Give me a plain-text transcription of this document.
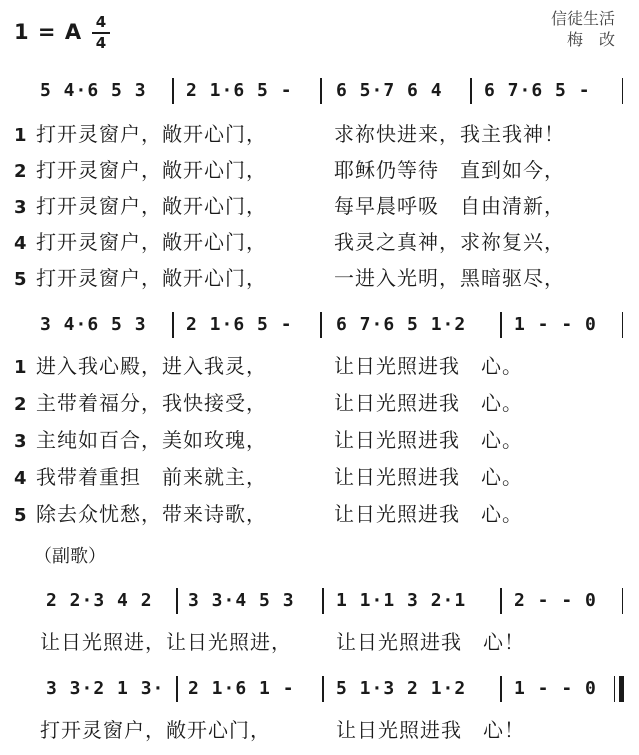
1 = A 4
4
信徒生活
梅　改
5 4·6 5 3 2 1·6 5 - 6 5·7 6 4 6 7·6 5 -
1 打开灵窗户，敞开心门，	求祢快进来，我主我神！
2 打开灵窗户，敞开心门，	耶稣仍等待　直到如今，
3 打开灵窗户，敞开心门，	每早晨呼吸　自由清新，
4 打开灵窗户，敞开心门，	我灵之真神，求祢复兴，
5 打开灵窗户，敞开心门，	一进入光明，黑暗驱尽，
3 4·6 5 3 2 1·6 5 - 6 7·6 5 1·2	1 - - 0
1 进入我心殿，进入我灵，	让日光照进我　心。
2 主带着福分，我快接受，	让日光照进我　心。
3 主纯如百合，美如玫瑰，	让日光照进我　心。
4 我带着重担　前来就主，	让日光照进我　心。
5 除去众忧愁，带来诗歌，	让日光照进我　心。
（副歌）
2 2·3 4 2 3 3·4 5 3 1 1·1 3 2·1	2 - - 0
让日光照进，让日光照进， 让日光照进我　心！
3 3·2 1 3· 2 1·6 1 - 5 1·3 2 1·2	1 - - 0
打开灵窗户，敞开心门，	让日光照进我　心！
